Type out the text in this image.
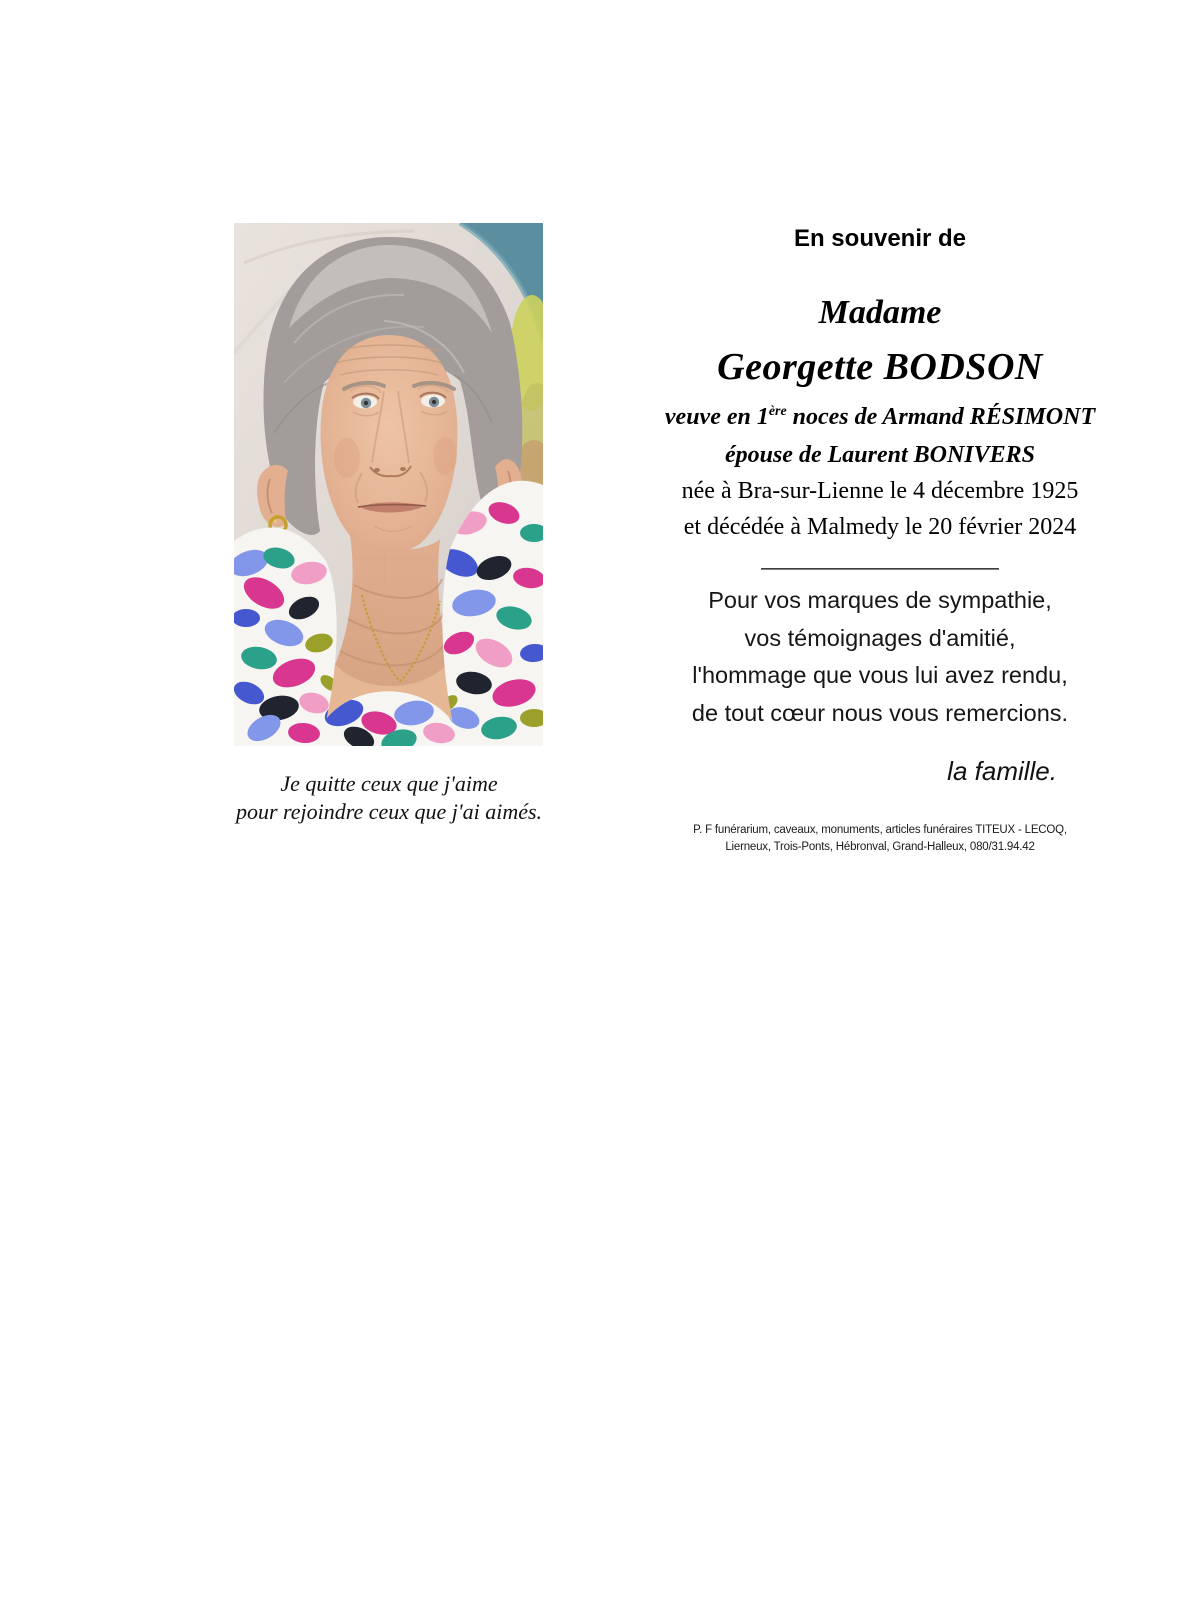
Je quitte ceux que j'aime
pour rejoindre ceux que j'ai aimés.
En souvenir de
Madame
Georgette BODSON
veuve en 1ère noces de Armand RÉSIMONT
épouse de Laurent BONIVERS
née à Bra-sur-Lienne le 4 décembre 1925
et décédée à Malmedy le 20 février 2024
___________________
Pour vos marques de sympathie,
vos témoignages d'amitié,
l'hommage que vous lui avez rendu,
de tout cœur nous vous remercions.
la famille.
P. F funérarium, caveaux, monuments, articles funéraires TITEUX - LECOQ,
Lierneux, Trois-Ponts, Hébronval, Grand-Halleux, 080/31.94.42
